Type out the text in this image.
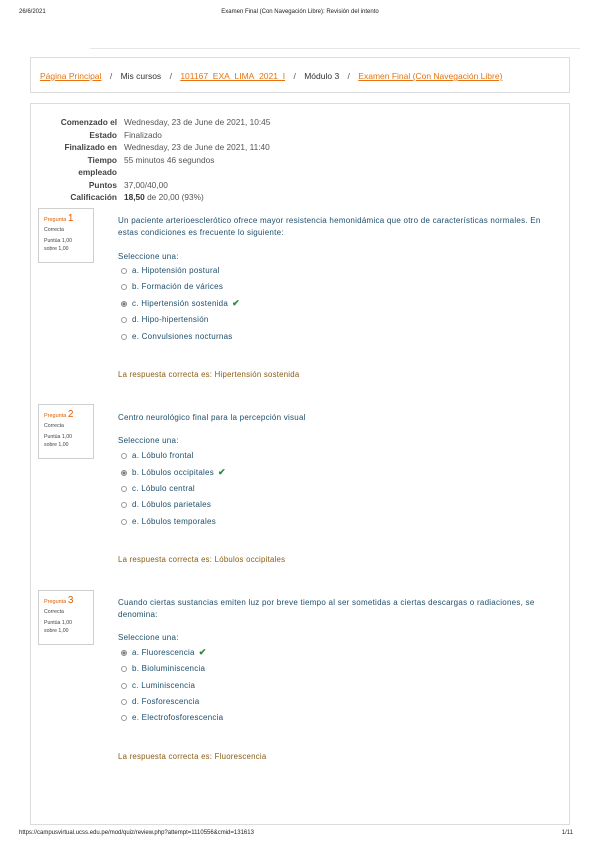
26/6/2021	Examen Final (Con Navegación Libre): Revisión del intento
Página Principal / Mis cursos / 101167_EXA_LIMA_2021_I / Módulo 3 / Examen Final (Con Navegación Libre)
Comenzado el Wednesday, 23 de June de 2021, 10:45
Estado Finalizado
Finalizado en Wednesday, 23 de June de 2021, 11:40
Tiempo 55 minutos 46 segundos
empleado
Puntos 37,00/40,00
Calificación 18,50 de 20,00 (93%)
Pregunta 1
Correcta
Puntúa 1,00
sobre 1,00
Un paciente arterioesclerótico ofrece mayor resistencia hemonidámica que otro de características normales. En estas condiciones es frecuente lo siguiente:
Seleccione una:
a. Hipotensión postural
b. Formación de várices
c. Hipertensión sostenida ✔
d. Hipo-hipertensión
e. Convulsiones nocturnas
La respuesta correcta es: Hipertensión sostenida
Pregunta 2
Correcta
Puntúa 1,00
sobre 1,00
Centro neurológico final para la percepción visual
Seleccione una:
a. Lóbulo frontal
b. Lóbulos occipitales ✔
c. Lóbulo central
d. Lóbulos parietales
e. Lóbulos temporales
La respuesta correcta es: Lóbulos occipitales
Pregunta 3
Correcta
Puntúa 1,00
sobre 1,00
Cuando ciertas sustancias emiten luz por breve tiempo al ser sometidas a ciertas descargas o radiaciones, se denomina:
Seleccione una:
a. Fluorescencia ✔
b. Bioluminiscencia
c. Luminiscencia
d. Fosforescencia
e. Electrofosforescencia
La respuesta correcta es: Fluorescencia
https://campusvirtual.ucss.edu.pe/mod/quiz/review.php?attempt=1110556&cmid=131613	1/11
